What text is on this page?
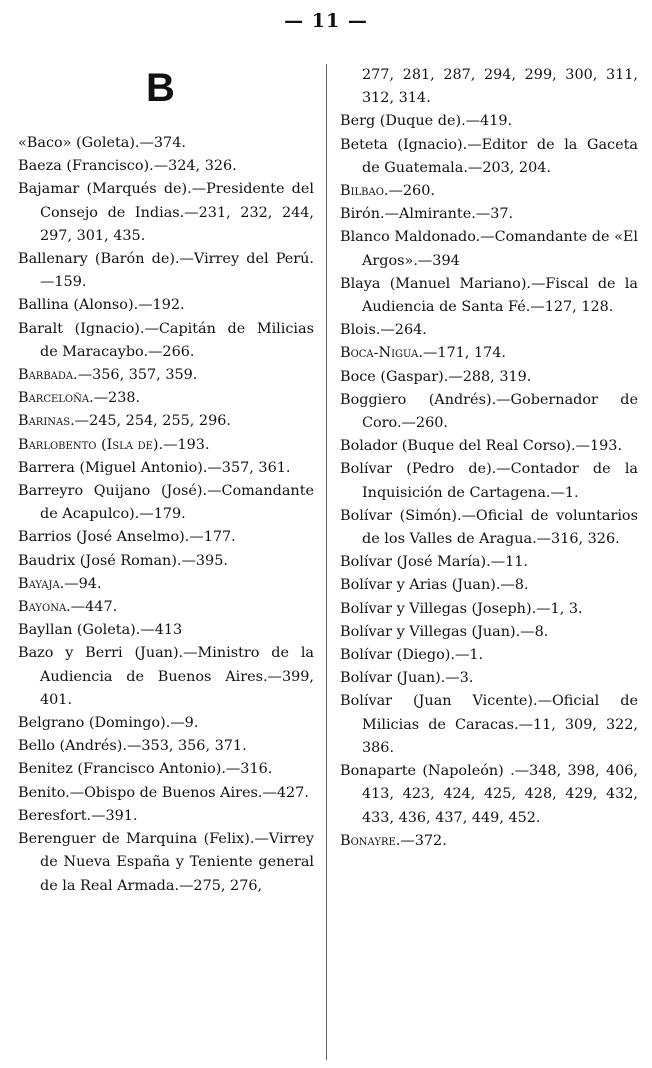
— 11 —
B
«Baco» (Goleta).—374.
Baeza (Francisco).—324, 326.
Bajamar (Marqués de).—Presidente del Consejo de Indias.—231, 232, 244, 297, 301, 435.
Ballenary (Barón de).—Virrey del Perú.—159.
Ballina (Alonso).—192.
Baralt (Ignacio).—Capitán de Milicias de Maracaybo.—266.
Barbada.—356, 357, 359.
Barceloña.—238.
Barinas.—245, 254, 255, 296.
Barlobento (Isla de).—193.
Barrera (Miguel Antonio).—357, 361.
Barreyro Quijano (José).—Comandante de Acapulco).—179.
Barrios (José Anselmo).—177.
Baudrix (José Roman).—395.
Bayaja.—94.
Bayona.—447.
Bayllan (Goleta).—413
Bazo y Berri (Juan).—Ministro de la Audiencia de Buenos Aires.—399, 401.
Belgrano (Domingo).—9.
Bello (Andrés).—353, 356, 371.
Benitez (Francisco Antonio).—316.
Benito.—Obispo de Buenos Aires.—427.
Beresfort.—391.
Berenguer de Marquina (Felix).—Virrey de Nueva España y Teniente general de la Real Armada.—275, 276,
277, 281, 287, 294, 299, 300, 311, 312, 314.
Berg (Duque de).—419.
Beteta (Ignacio).—Editor de la Gaceta de Guatemala.—203, 204.
Bilbao.—260.
Birón.—Almirante.—37.
Blanco Maldonado.—Comandante de «El Argos».—394
Blaya (Manuel Mariano).—Fiscal de la Audiencia de Santa Fé.—127, 128.
Blois.—264.
Boca-Nigua.—171, 174.
Boce (Gaspar).—288, 319.
Boggiero (Andrés).—Gobernador de Coro.—260.
Bolador (Buque del Real Corso).—193.
Bolívar (Pedro de).—Contador de la Inquisición de Cartagena.—1.
Bolívar (Simón).—Oficial de voluntarios de los Valles de Aragua.—316, 326.
Bolívar (José María).—11.
Bolívar y Arias (Juan).—8.
Bolívar y Villegas (Joseph).—1, 3.
Bolívar y Villegas (Juan).—8.
Bolívar (Diego).—1.
Bolívar (Juan).—3.
Bolívar (Juan Vicente).—Oficial de Milicias de Caracas.—11, 309, 322, 386.
Bonaparte (Napoleón) .—348, 398, 406, 413, 423, 424, 425, 428, 429, 432, 433, 436, 437, 449, 452.
Bonayre.—372.
